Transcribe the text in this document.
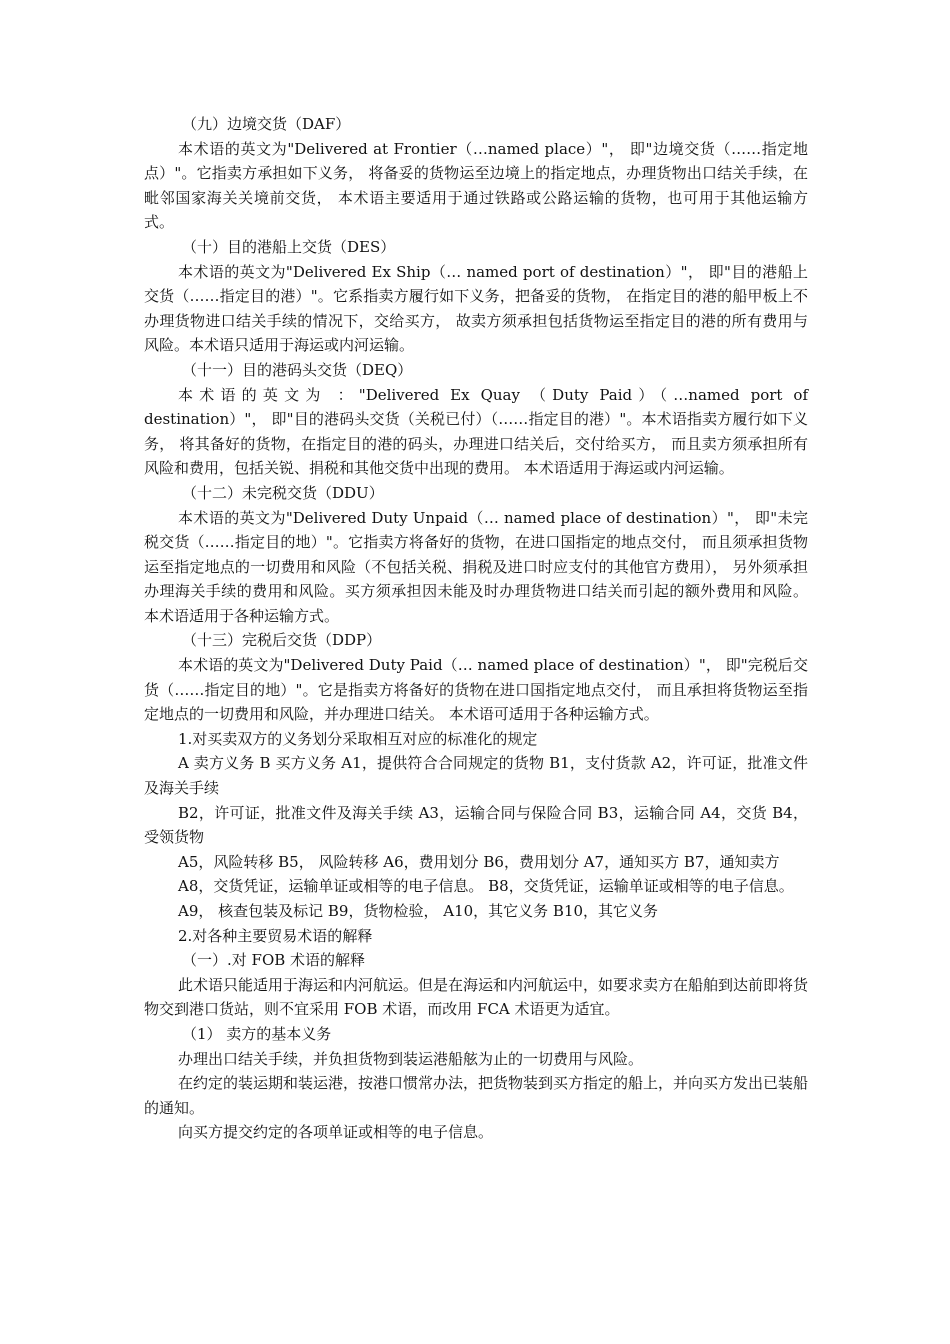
（九）边境交货（DAF）

本术语的英文为"Delivered at Frontier（…named place）"， 即"边境交货（……指定地点）"。它指卖方承担如下义务， 将备妥的货物运至边境上的指定地点，办理货物出口结关手续，在毗邻国家海关关境前交货， 本术语主要适用于通过铁路或公路运输的货物，也可用于其他运输方式。

（十）目的港船上交货（DES）

本术语的英文为"Delivered Ex Ship（… named port of destination）"， 即"目的港船上交货（……指定目的港）"。它系指卖方履行如下义务，把备妥的货物， 在指定目的港的船甲板上不办理货物进口结关手续的情况下，交给买方， 故卖方须承担包括货物运至指定目的港的所有费用与风险。本术语只适用于海运或内河运输。

（十一）目的港码头交货（DEQ）

本术语的英文为 ："Delivered Ex Quay （Duty Paid）（…named port of destination）"， 即"目的港码头交货（关税已付）（……指定目的港）"。本术语指卖方履行如下义务， 将其备好的货物，在指定目的港的码头，办理进口结关后，交付给买方， 而且卖方须承担所有风险和费用，包括关锐、捐税和其他交货中出现的费用。 本术语适用于海运或内河运输。

（十二）未完税交货（DDU）

本术语的英文为"Delivered Duty Unpaid（… named place of destination）"， 即"未完税交货（……指定目的地）"。它指卖方将备好的货物，在进口国指定的地点交付， 而且须承担货物运至指定地点的一切费用和风险（不包括关税、捐税及进口时应支付的其他官方费用）， 另外须承担办理海关手续的费用和风险。买方须承担因未能及时办理货物进口结关而引起的额外费用和风险。 本术语适用于各种运输方式。

（十三）完税后交货（DDP）

本术语的英文为"Delivered Duty Paid（… named place of destination）"， 即"完税后交货（……指定目的地）"。它是指卖方将备好的货物在进口国指定地点交付， 而且承担将货物运至指定地点的一切费用和风险，并办理进口结关。 本术语可适用于各种运输方式。

1.对买卖双方的义务划分采取相互对应的标准化的规定

A 卖方义务 B 买方义务 A1，提供符合合同规定的货物 B1，支付货款 A2，许可证，批准文件及海关手续

B2，许可证，批准文件及海关手续 A3，运输合同与保险合同 B3，运输合同 A4，交货 B4，受领货物

A5，风险转移 B5， 风险转移 A6，费用划分 B6，费用划分 A7，通知买方 B7，通知卖方

A8，交货凭证，运输单证或相等的电子信息。 B8，交货凭证，运输单证或相等的电子信息。

A9， 核查包装及标记 B9，货物检验， A10，其它义务 B10，其它义务

2.对各种主要贸易术语的解释

（一）.对 FOB 术语的解释

此术语只能适用于海运和内河航运。但是在海运和内河航运中，如要求卖方在船舶到达前即将货物交到港口货站，则不宜采用 FOB 术语，而改用 FCA 术语更为适宜。

（1） 卖方的基本义务

办理出口结关手续，并负担货物到装运港船舷为止的一切费用与风险。

在约定的装运期和装运港，按港口惯常办法，把货物装到买方指定的船上，并向买方发出已装船的通知。

向买方提交约定的各项单证或相等的电子信息。
